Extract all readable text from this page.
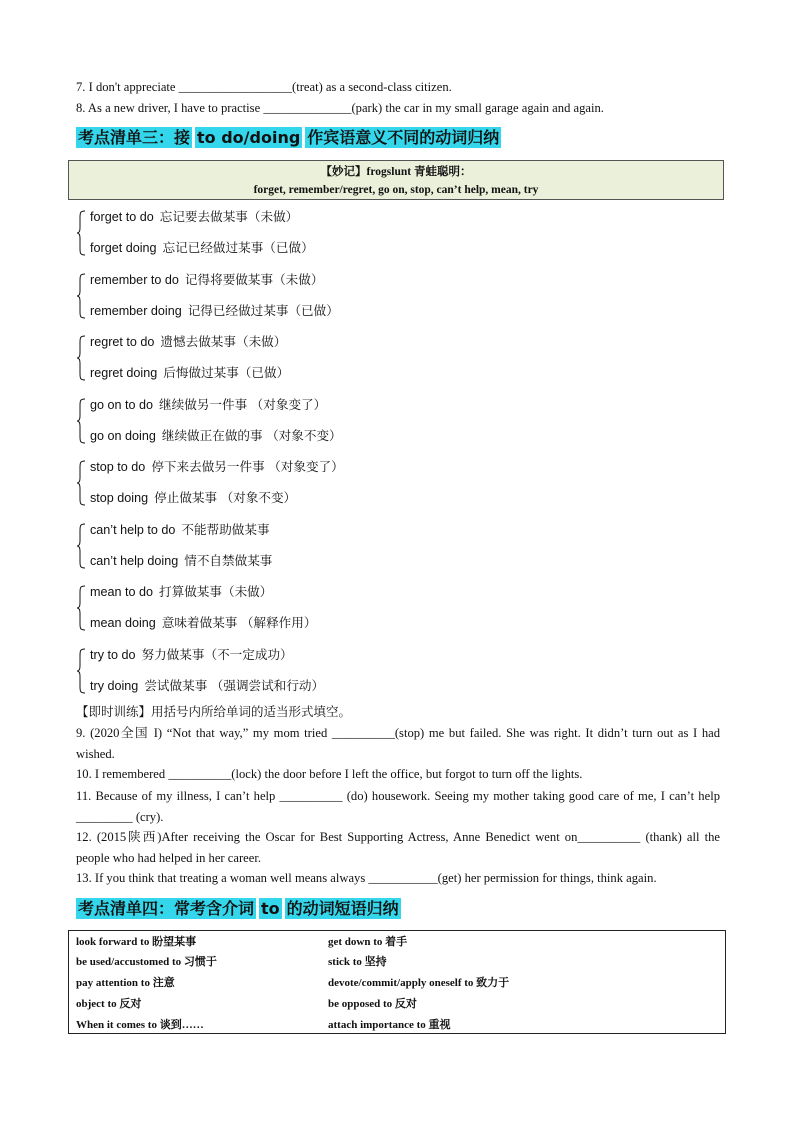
7. I don't appreciate __________________(treat) as a second-class citizen.
8. As a new driver, I have to practise ______________(park) the car in my small garage again and again.
考点清单三：接 to do/doing 作宾语意义不同的动词归纳
【妙记】frogslunt 青蛙聪明：
forget, remember/regret, go on, stop, can’t help, mean, try
forget to do 忘记要去做某事（未做）
forget doing 忘记已经做过某事（已做）
remember to do 记得将要做某事（未做）
remember doing 记得已经做过某事（已做）
regret to do 遗憾去做某事（未做）
regret doing 后悔做过某事（已做）
go on to do 继续做另一件事 （对象变了）
go on doing 继续做正在做的事 （对象不变）
stop to do 停下来去做另一件事 （对象变了）
stop doing 停止做某事 （对象不变）
can’t help to do 不能帮助做某事
can’t help doing 情不自禁做某事
mean to do 打算做某事（未做）
mean doing 意味着做某事 （解释作用）
try to do 努力做某事（不一定成功）
try doing 尝试做某事 （强调尝试和行动）
【即时训练】用括号内所给单词的适当形式填空。
9. (2020全国 I) “Not that way,” my mom tried __________(stop) me but failed. She was right. It didn’t turn out as I had wished.
10. I remembered __________(lock) the door before I left the office, but forgot to turn off the lights.
11. Because of my illness, I can’t help __________ (do) housework. Seeing my mother taking good care of me, I can’t help _________ (cry).
12. (2015陕西)After receiving the Oscar for Best Supporting Actress, Anne Benedict went on__________ (thank) all the people who had helped in her career.
13. If you think that treating a woman well means always ___________(get) her permission for things, think again.
考点清单四：常考含介词 to 的动词短语归纳
look forward to 盼望某事
be used/accustomed to 习惯于
pay attention to 注意
object to 反对
When it comes to 谈到……
get down to 着手
stick to 坚持
devote/commit/apply oneself to 致力于
be opposed to 反对
attach importance to 重视
